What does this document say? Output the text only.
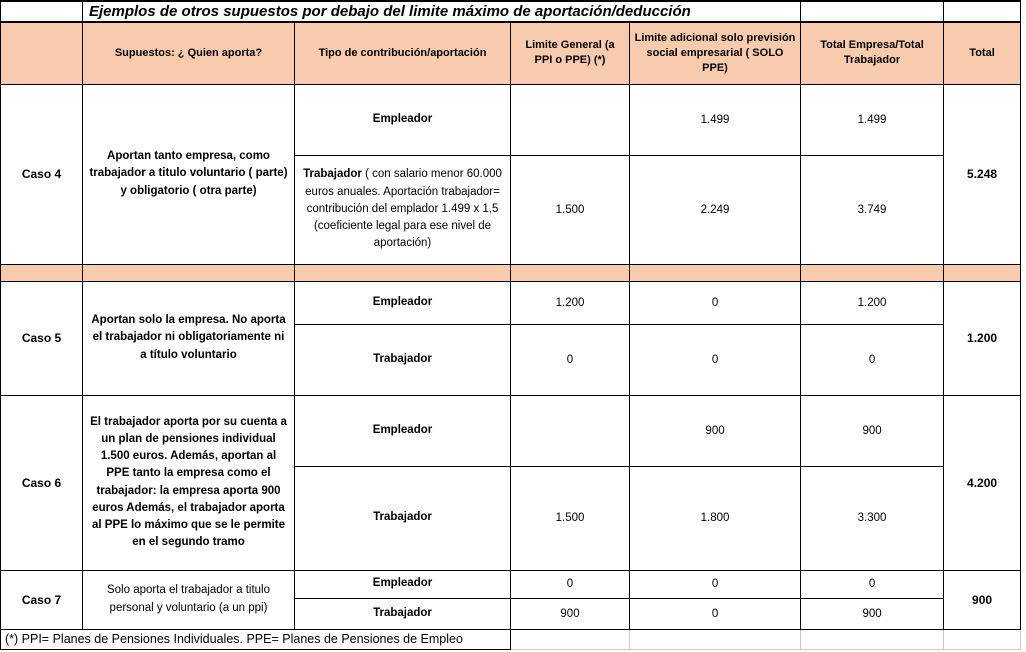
	Ejemplos de otros supuestos por debajo del limite máximo de aportación/deducción					
	Supuestos: ¿ Quien aporta?	Tipo de contribución/aportación	Limite General (a PPI o PPE) (*)	Limite adicional solo previsión social empresarial ( SOLO PPE)	Total Empresa/Total Trabajador	Total
Caso 4	Aportan tanto empresa, como trabajador a titulo voluntario ( parte) y obligatorio ( otra parte)	Empleador		1.499	1.499	5.248
		Trabajador ( con salario menor 60.000 euros anuales. Aportación trabajador= contribución del emplador 1.499 x 1,5 (coeficiente legal para ese nivel de aportación)	1.500	2.249	3.749	

Caso 5	Aportan solo la empresa. No aporta el trabajador ni obligatoriamente ni a título voluntario	Empleador	1.200	0	1.200	1.200
		Trabajador	0	0	0	
Caso 6	El trabajador aporta por su cuenta a un plan de pensiones individual 1.500 euros. Además, aportan al PPE tanto la empresa como el trabajador: la empresa aporta 900 euros Además, el trabajador aporta al PPE lo máximo que se le permite en el segundo tramo	Empleador		900	900	4.200
		Trabajador	1.500	1.800	3.300	
Caso 7	Solo aporta el trabajador a titulo personal y voluntario (a un ppi)	Empleador	0	0	0	900
		Trabajador	900	0	900	
(*) PPI= Planes de Pensiones Individuales. PPE= Planes de Pensiones de Empleo						
